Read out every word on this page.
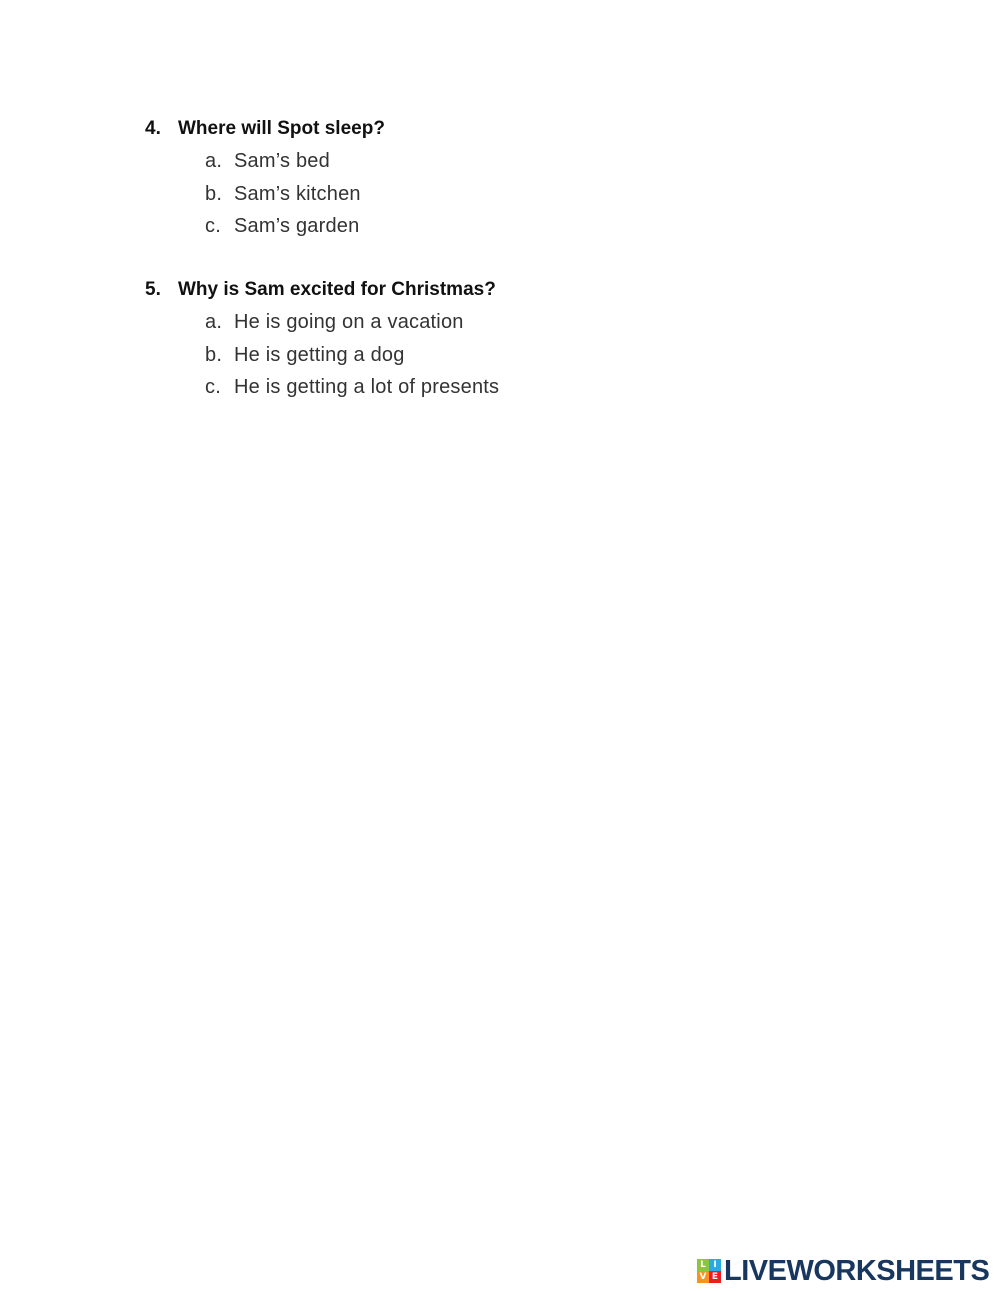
4. Where will Spot sleep?
a. Sam’s bed
b. Sam’s kitchen
c. Sam’s garden
5. Why is Sam excited for Christmas?
a. He is going on a vacation
b. He is getting a dog
c. He is getting a lot of presents
L I
V E LIVEWORKSHEETS
